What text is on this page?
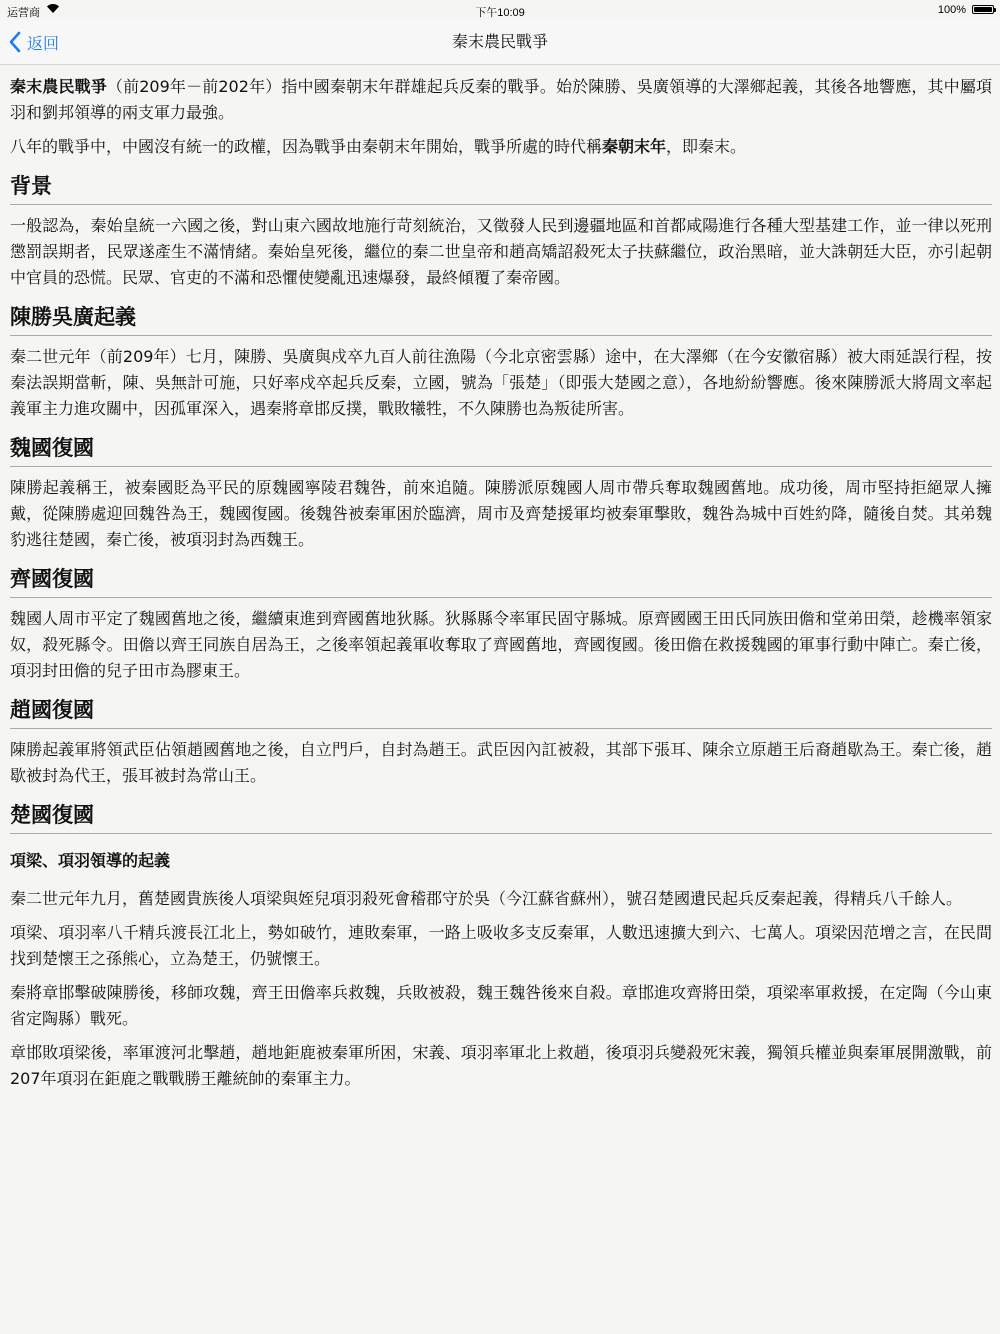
运营商	下午10:09	100%
返回	秦末農民戰爭

秦末農民戰爭（前209年－前202年）指中國秦朝末年群雄起兵反秦的戰爭。始於陳勝、吳廣領導的大澤鄉起義，其後各地響應，其中屬項羽和劉邦領導的兩支軍力最強。

八年的戰爭中，中國沒有統一的政權，因為戰爭由秦朝末年開始，戰爭所處的時代稱秦朝末年，即秦末。

背景

一般認為，秦始皇統一六國之後，對山東六國故地施行苛刻統治，又徵發人民到邊疆地區和首都咸陽進行各種大型基建工作，並一律以死刑懲罰誤期者，民眾遂產生不滿情緒。秦始皇死後，繼位的秦二世皇帝和趙高矯詔殺死太子扶蘇繼位，政治黑暗，並大誅朝廷大臣，亦引起朝中官員的恐慌。民眾、官吏的不滿和恐懼使變亂迅速爆發，最終傾覆了秦帝國。

陳勝吳廣起義

秦二世元年（前209年）七月，陳勝、吳廣與戍卒九百人前往漁陽（今北京密雲縣）途中，在大澤鄉（在今安徽宿縣）被大雨延誤行程，按秦法誤期當斬，陳、吳無計可施，只好率戍卒起兵反秦，立國，號為「張楚」（即張大楚國之意），各地紛紛響應。後來陳勝派大將周文率起義軍主力進攻關中，因孤軍深入，遇秦將章邯反撲，戰敗犧牲，不久陳勝也為叛徒所害。

魏國復國

陳勝起義稱王，被秦國貶為平民的原魏國寧陵君魏咎，前來追隨。陳勝派原魏國人周市帶兵奪取魏國舊地。成功後，周市堅持拒絕眾人擁戴，從陳勝處迎回魏咎為王，魏國復國。後魏咎被秦軍困於臨濟，周市及齊楚援軍均被秦軍擊敗，魏咎為城中百姓約降，隨後自焚。其弟魏豹逃往楚國，秦亡後，被項羽封為西魏王。

齊國復國

魏國人周市平定了魏國舊地之後，繼續東進到齊國舊地狄縣。狄縣縣令率軍民固守縣城。原齊國國王田氏同族田儋和堂弟田榮，趁機率領家奴，殺死縣令。田儋以齊王同族自居為王，之後率領起義軍收奪取了齊國舊地，齊國復國。後田儋在救援魏國的軍事行動中陣亡。秦亡後，項羽封田儋的兒子田市為膠東王。

趙國復國

陳勝起義軍將領武臣佔領趙國舊地之後，自立門戶，自封為趙王。武臣因內訌被殺，其部下張耳、陳余立原趙王后裔趙歇為王。秦亡後，趙歇被封為代王，張耳被封為常山王。

楚國復國
項梁、項羽領導的起義

秦二世元年九月，舊楚國貴族後人項梁與姪兒項羽殺死會稽郡守於吳（今江蘇省蘇州），號召楚國遺民起兵反秦起義，得精兵八千餘人。

項梁、項羽率八千精兵渡長江北上，勢如破竹，連敗秦軍，一路上吸收多支反秦軍，人數迅速擴大到六、七萬人。項梁因范增之言，在民間找到楚懷王之孫熊心，立為楚王，仍號懷王。

秦將章邯擊破陳勝後，移師攻魏，齊王田儋率兵救魏，兵敗被殺，魏王魏咎後來自殺。章邯進攻齊將田榮，項梁率軍救援，在定陶（今山東省定陶縣）戰死。

章邯敗項梁後，率軍渡河北擊趙，趙地鉅鹿被秦軍所困，宋義、項羽率軍北上救趙，後項羽兵變殺死宋義，獨領兵權並與秦軍展開激戰，前207年項羽在鉅鹿之戰戰勝王離統帥的秦軍主力。
